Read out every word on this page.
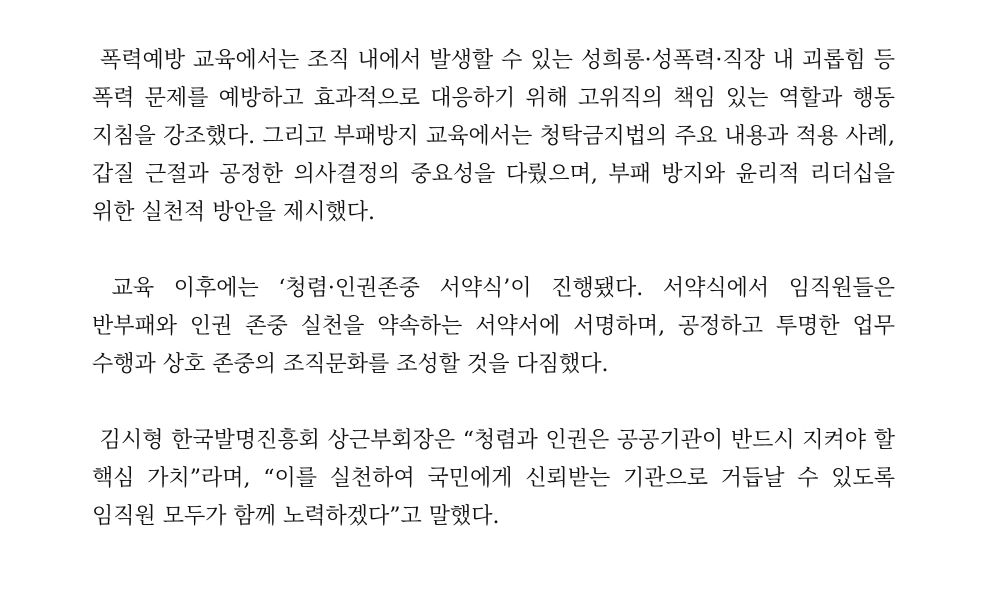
폭력예방 교육에서는 조직 내에서 발생할 수 있는 성희롱·성폭력·직장 내 괴롭힘 등 폭력 문제를 예방하고 효과적으로 대응하기 위해 고위직의 책임 있는 역할과 행동 지침을 강조했다. 그리고 부패방지 교육에서는 청탁금지법의 주요 내용과 적용 사례, 갑질 근절과 공정한 의사결정의 중요성을 다뤘으며, 부패 방지와 윤리적 리더십을 위한 실천적 방안을 제시했다.

교육 이후에는 ‘청렴·인권존중 서약식’이 진행됐다. 서약식에서 임직원들은 반부패와 인권 존중 실천을 약속하는 서약서에 서명하며, 공정하고 투명한 업무 수행과 상호 존중의 조직문화를 조성할 것을 다짐했다.

김시형 한국발명진흥회 상근부회장은 “청렴과 인권은 공공기관이 반드시 지켜야 할 핵심 가치”라며, “이를 실천하여 국민에게 신뢰받는 기관으로 거듭날 수 있도록 임직원 모두가 함께 노력하겠다”고 말했다.
